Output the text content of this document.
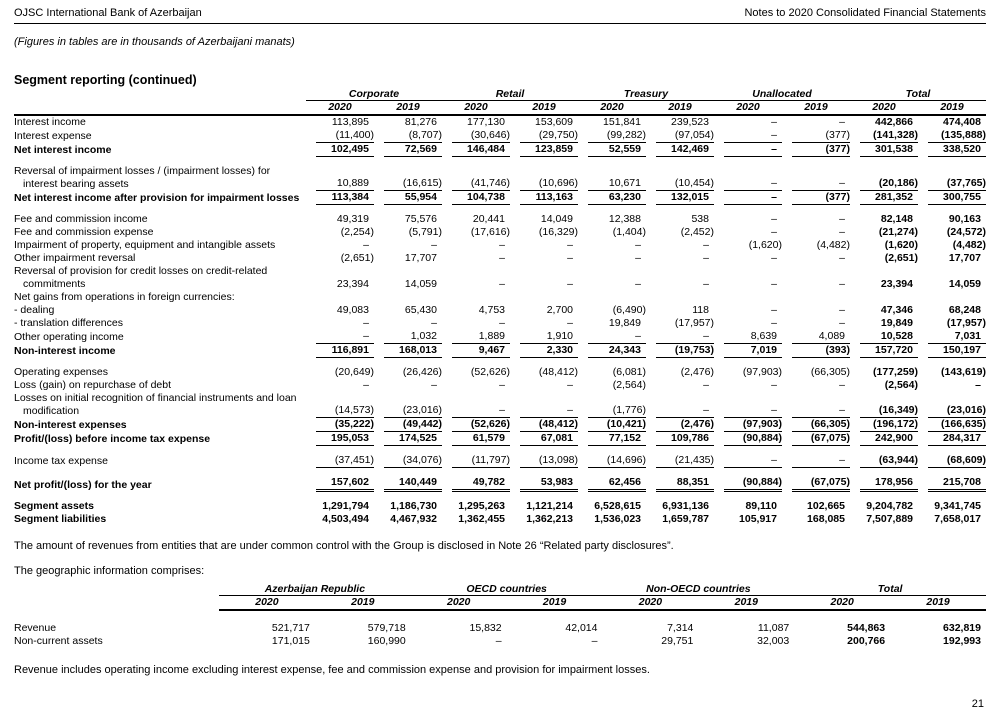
OJSC International Bank of Azerbaijan	Notes to 2020 Consolidated Financial Statements
(Figures in tables are in thousands of Azerbaijani manats)
Segment reporting (continued)
	Corporate		Retail		Treasury		Unallocated		Total	
	2020	2019	2020	2019	2020	2019	2020	2019	2020	2019
Interest income	113,895	81,276	177,130	153,609	151,841	239,523	–	–	442,866	474,408

Interest expense	(11,400)	(8,707)	(30,646)	(29,750)	(99,282)	(97,054)	–	(377)	(141,328)	(135,888)

Net interest income	102,495	72,569	146,484	123,859	52,559	142,469	–	(377)	301,538	338,520

Reversal of impairment losses / (impairment losses) for interest bearing assets	10,889	(16,615)	(41,746)	(10,696)	10,671	(10,454)	–	–	(20,186)	(37,765)

Net interest income after provision for impairment losses	113,384	55,954	104,738	113,163	63,230	132,015	–	(377)	281,352	300,755

Fee and commission income	49,319	75,576	20,441	14,049	12,388	538	–	–	82,148	90,163

Fee and commission expense	(2,254)	(5,791)	(17,616)	(16,329)	(1,404)	(2,452)	–	–	(21,274)	(24,572)

Impairment of property, equipment and intangible assets	–	–	–	–	–	–	(1,620)	(4,482)	(1,620)	(4,482)

Other impairment reversal	(2,651)	17,707	–	–	–	–	–	–	(2,651)	17,707

Reversal of provision for credit losses on credit-related commitments	23,394	14,059	–	–	–	–	–	–	23,394	14,059

Net gains from operations in foreign currencies:										
- dealing	49,083	65,430	4,753	2,700	(6,490)	118	–	–	47,346	68,248

- translation differences	–	–	–	–	19,849	(17,957)	–	–	19,849	(17,957)

Other operating income	–	1,032	1,889	1,910	–	–	8,639	4,089	10,528	7,031

Non-interest income	116,891	168,013	9,467	2,330	24,343	(19,753)	7,019	(393)	157,720	150,197

Operating expenses	(20,649)	(26,426)	(52,626)	(48,412)	(6,081)	(2,476)	(97,903)	(66,305)	(177,259)	(143,619)

Loss (gain) on repurchase of debt	–	–	–	–	(2,564)	–	–	–	(2,564)	–

Losses on initial recognition of financial instruments and loan modification	(14,573)	(23,016)	–	–	(1,776)	–	–	–	(16,349)	(23,016)

Non-interest expenses	(35,222)	(49,442)	(52,626)	(48,412)	(10,421)	(2,476)	(97,903)	(66,305)	(196,172)	(166,635)

Profit/(loss) before income tax expense	195,053	174,525	61,579	67,081	77,152	109,786	(90,884)	(67,075)	242,900	284,317

Income tax expense	(37,451)	(34,076)	(11,797)	(13,098)	(14,696)	(21,435)	–	–	(63,944)	(68,609)

Net profit/(loss) for the year	157,602	140,449	49,782	53,983	62,456	88,351	(90,884)	(67,075)	178,956	215,708

Segment assets	1,291,794	1,186,730	1,295,263	1,121,214	6,528,615	6,931,136	89,110	102,665	9,204,782	9,341,745

Segment liabilities	4,503,494	4,467,932	1,362,455	1,362,213	1,536,023	1,659,787	105,917	168,085	7,507,889	7,658,017

The amount of revenues from entities that are under common control with the Group is disclosed in Note 26 “Related party disclosures”.

The geographic information comprises:

	Azerbaijan Republic		OECD countries		Non-OECD countries		Total	
	2020	2019	2020	2019	2020	2019	2020	2019

Revenue	521,717	579,718	15,832	42,014	7,314	11,087	544,863	632,819

Non-current assets	171,015	160,990	–	–	29,751	32,003	200,766	192,993

Revenue includes operating income excluding interest expense, fee and commission expense and provision for impairment losses.

21
